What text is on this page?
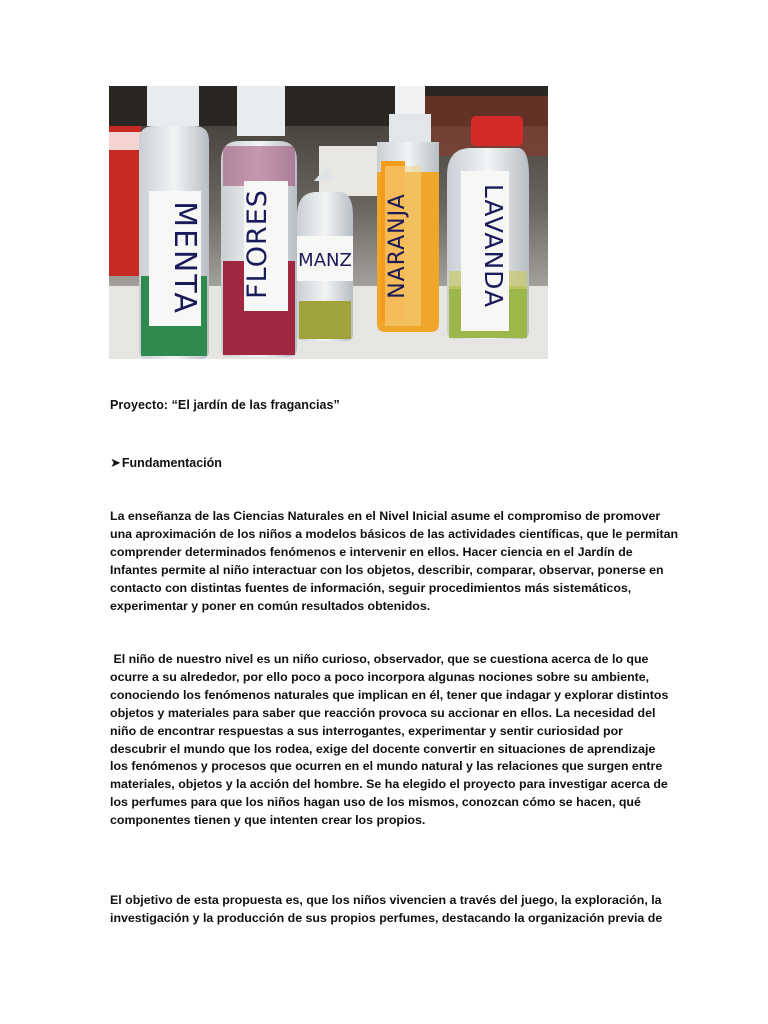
MENTA FLORES MANZ NARANJA	LAVANDA
Proyecto: “El jardín de las fragancias”
➤Fundamentación

La enseñanza de las Ciencias Naturales en el Nivel Inicial asume el compromiso de promover
una aproximación de los niños a modelos básicos de las actividades científicas, que le permitan
comprender determinados fenómenos e intervenir en ellos. Hacer ciencia en el Jardín de
Infantes permite al niño interactuar con los objetos, describir, comparar, observar, ponerse en
contacto con distintas fuentes de información, seguir procedimientos más sistemáticos,
experimentar y poner en común resultados obtenidos.

El niño de nuestro nivel es un niño curioso, observador, que se cuestiona acerca de lo que
ocurre a su alrededor, por ello poco a poco incorpora algunas nociones sobre su ambiente,
conociendo los fenómenos naturales que implican en él, tener que indagar y explorar distintos
objetos y materiales para saber que reacción provoca su accionar en ellos. La necesidad del
niño de encontrar respuestas a sus interrogantes, experimentar y sentir curiosidad por
descubrir el mundo que los rodea, exige del docente convertir en situaciones de aprendizaje
los fenómenos y procesos que ocurren en el mundo natural y las relaciones que surgen entre
materiales, objetos y la acción del hombre. Se ha elegido el proyecto para investigar acerca de
los perfumes para que los niños hagan uso de los mismos, conozcan cómo se hacen, qué
componentes tienen y que intenten crear los propios.

El objetivo de esta propuesta es, que los niños vivencien a través del juego, la exploración, la
investigación y la producción de sus propios perfumes, destacando la organización previa de
